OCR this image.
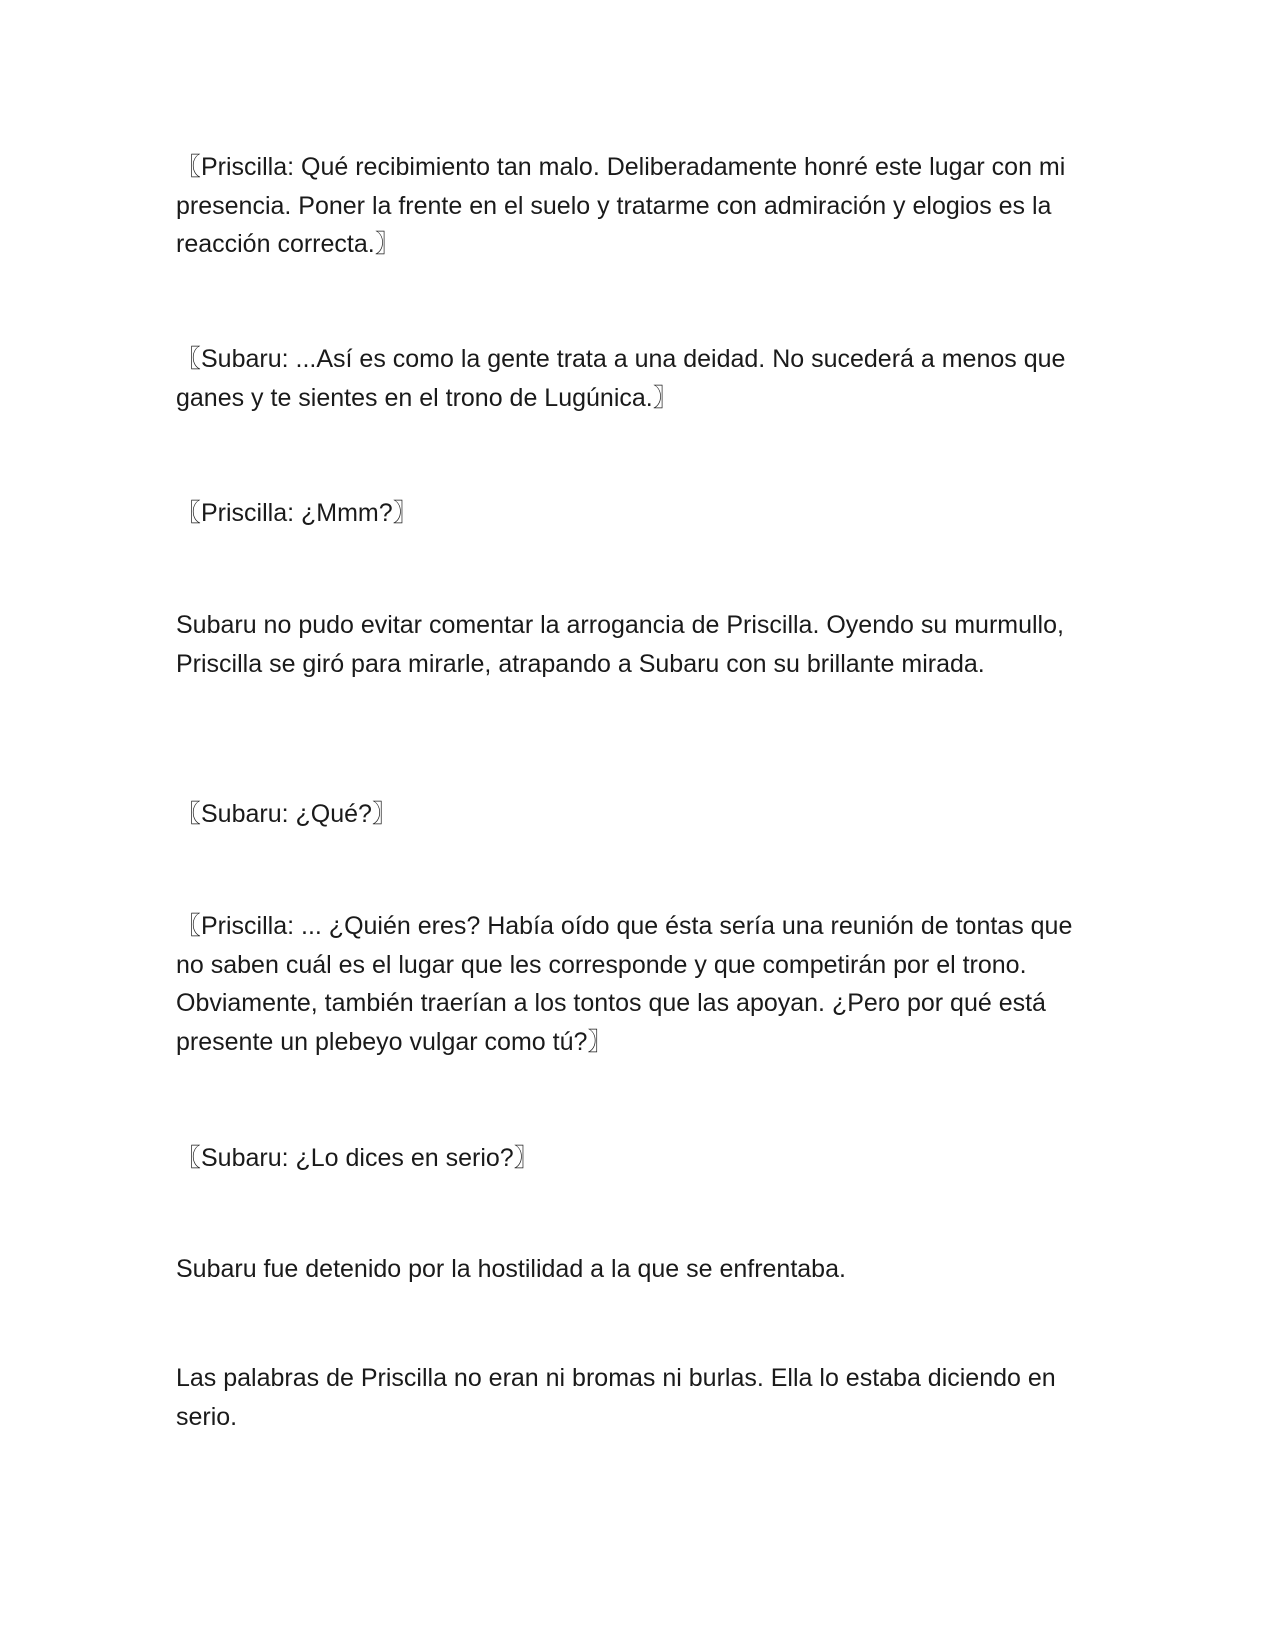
〖Priscilla: Qué recibimiento tan malo. Deliberadamente honré este lugar con mi presencia. Poner la frente en el suelo y tratarme con admiración y elogios es la reacción correcta.〗

〖Subaru: ...Así es como la gente trata a una deidad. No sucederá a menos que ganes y te sientes en el trono de Lugúnica.〗

〖Priscilla: ¿Mmm?〗

Subaru no pudo evitar comentar la arrogancia de Priscilla. Oyendo su murmullo, Priscilla se giró para mirarle, atrapando a Subaru con su brillante mirada.

〖Subaru: ¿Qué?〗

〖Priscilla: ... ¿Quién eres? Había oído que ésta sería una reunión de tontas que no saben cuál es el lugar que les corresponde y que competirán por el trono. Obviamente, también traerían a los tontos que las apoyan. ¿Pero por qué está presente un plebeyo vulgar como tú?〗

〖Subaru: ¿Lo dices en serio?〗

Subaru fue detenido por la hostilidad a la que se enfrentaba.

Las palabras de Priscilla no eran ni bromas ni burlas. Ella lo estaba diciendo en serio.
